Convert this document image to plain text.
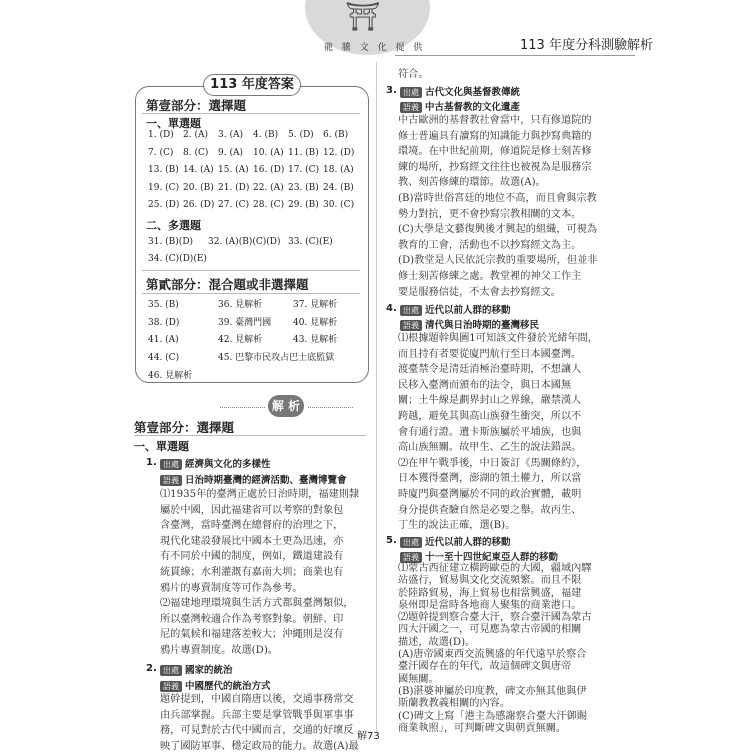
⛩
龍 騰 文 化 提 供	113 年度分科測驗解析
113 年度答案
第壹部分：選擇題
一、單選題
1. (D)	2. (A)	3. (A)	4. (B)	5. (D)	6. (B)
7. (C)	8. (C)	9. (A)	10. (A) 11. (B) 12. (D)
13. (B) 14. (A) 15. (A) 16. (D) 17. (C) 18. (A)
19. (C) 20. (B) 21. (D) 22. (A) 23. (B) 24. (B)
25. (D) 26. (D) 27. (C) 28. (C) 29. (B) 30. (C)
二、多選題
31. (B)(D) 32. (A)(B)(C)(D) 33. (C)(E)
34. (C)(D)(E)
第貳部分：混合題或非選擇題
35. (B)	36. 見解析	37. 見解析
38. (D)	39. 臺灣門國 40. 見解析
41. (A)	42. 見解析	43. 見解析
44. (C)	45. 巴黎市民攻占巴士底監獄
46. 見解析
解 析
第壹部分：選擇題
一、單選題
1. 出處 經濟與文化的多樣性
語義 日治時期臺灣的經濟活動、臺灣博覽會
⑴1935年的臺灣正處於日治時期，福建則隸
屬於中國，因此福建省可以考察的對象包
含臺灣，當時臺灣在總督府的治理之下，
現代化建設發展比中國本土更為迅速，亦
有不同於中國的制度，例如，鐵道建設有
統貫線；水利灌溉有嘉南大圳；商業也有
鴉片的專賣制度等可作為參考。
⑵福建地理環境與生活方式都與臺灣類似，
所以臺灣較適合作為考察對象。朝鮮、印
尼的氣候和福建落差較大；沖繩則是沒有
鴉片專賣制度。故選(D)。
2. 出處 國家的統治
語義 中國歷代的統治方式
題幹提到，中國自隋唐以後，交通事務常交
由兵部掌握。兵部主要是掌管戰爭與軍事事
務，可見對於古代中國而言，交通的好壞反
映了國防軍事、穩定政局的能力。故選(A)最
符合。
3. 出處 古代文化與基督教傳統
語義 中古基督教的文化遺產
中古歐洲的基督教社會當中，只有修道院的
修士普遍具有讀寫的知識能力與抄寫典籍的
環境。在中世紀前期，修道院是修士刻苦修
練的場所，抄寫經文往往也被視為是服務宗
教、刻苦修練的環節。故選(A)。
(B)當時世俗宮廷的地位不高，而且會與宗教
勢力對抗，更不會抄寫宗教相關的文本。
(C)大學是文藝復興後才興起的組織，可視為
教育的工會，活動也不以抄寫經文為主。
(D)教堂是人民依託宗教的重要場所，但並非
修士刻苦修練之處。教堂裡的神父工作主
要是服務信徒，不太會去抄寫經文。
4. 出處 近代以前人群的移動
語義 清代與日治時期的臺灣移民
⑴根據題幹與圖1可知該文件發於光緒年間，
而且持有者要從廈門航行至日本國臺灣。
渡臺禁令是清廷消極治臺時期，不想讓人
民移入臺灣而頒布的法令，與日本國無
關；土牛線是劃界封山之界線，嚴禁漢人
跨越，避免其與高山族發生衝突，所以不
會有通行證。遺卡斯族屬於平埔族，也與
高山族無關。故甲生、乙生的說法錯誤。
⑵在甲午戰爭後，中日簽訂《馬關條約》，
日本獲得臺灣，澎湖的領土權力，所以當
時廈門與臺灣屬於不同的政治實體，載明
身分提供查驗自然是必要之舉。故丙生、
丁生的說法正確，選(B)。
5. 出處 近代以前人群的移動
語義 十一至十四世紀東亞人群的移動
⑴蒙古西征建立橫跨歐亞的大國，疆域內驛
站盛行，貿易與文化交流頻繁。而且不限
於陸路貿易，海上貿易也相當興盛，福建
泉州即是當時各地商人聚集的商業港口。
⑵題幹提到察合臺大汗，察合臺汗國為蒙古
四大汗國之一，可見應為蒙古帝國的相關
描述，故選(D)。
(A)唐帝國東西交流興盛的年代遠早於察合
臺汗國存在的年代，故這個碑文與唐帝
國無關。
(B)湛婆神屬於印度教，碑文亦無其他與伊
斯蘭教教義相關的內容。
(C)碑文上寫「港主為感謝察合臺大汗御賜
商業執照」，可判斷碑文與朝貢無關。
解73
